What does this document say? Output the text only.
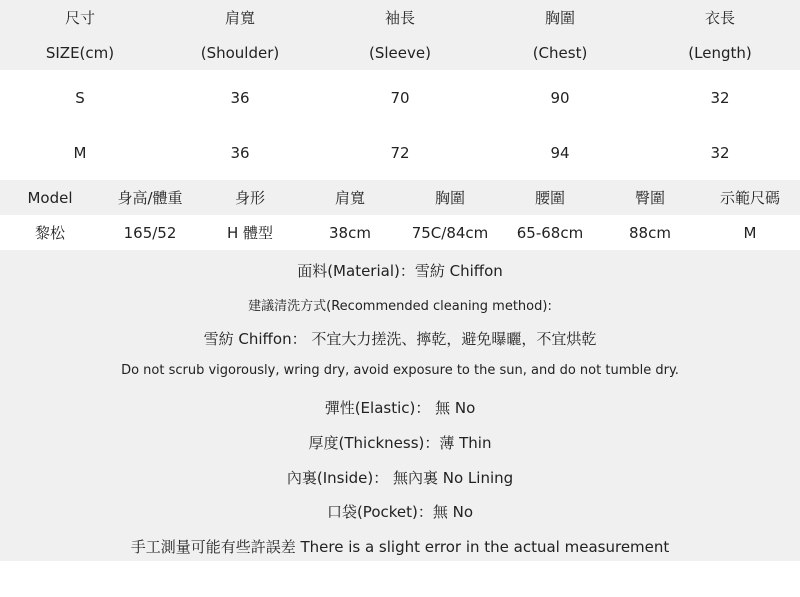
尺寸	肩寬	袖長	胸圍	衣長
SIZE(cm)	(Shoulder)	(Sleeve)	(Chest)	(Length)
S	36	70	90	32
M	36	72	94	32
Model	身高/體重	身形	肩寬	胸圍	腰圍	臀圍	示範尺碼
黎松	165/52	H 體型	38cm	75C/84cm	65-68cm	88cm	M
面料(Material)：雪紡 Chiffon
建議清洗方式(Recommended cleaning method):
雪紡 Chiffon： 不宜大力搓洗、擰乾，避免曝曬，不宜烘乾
Do not scrub vigorously, wring dry, avoid exposure to the sun, and do not tumble dry.
彈性(Elastic)： 無 No
厚度(Thickness)：薄 Thin
內裏(Inside)： 無內裏 No Lining
口袋(Pocket)：無 No
手工測量可能有些許誤差 There is a slight error in the actual measurement
